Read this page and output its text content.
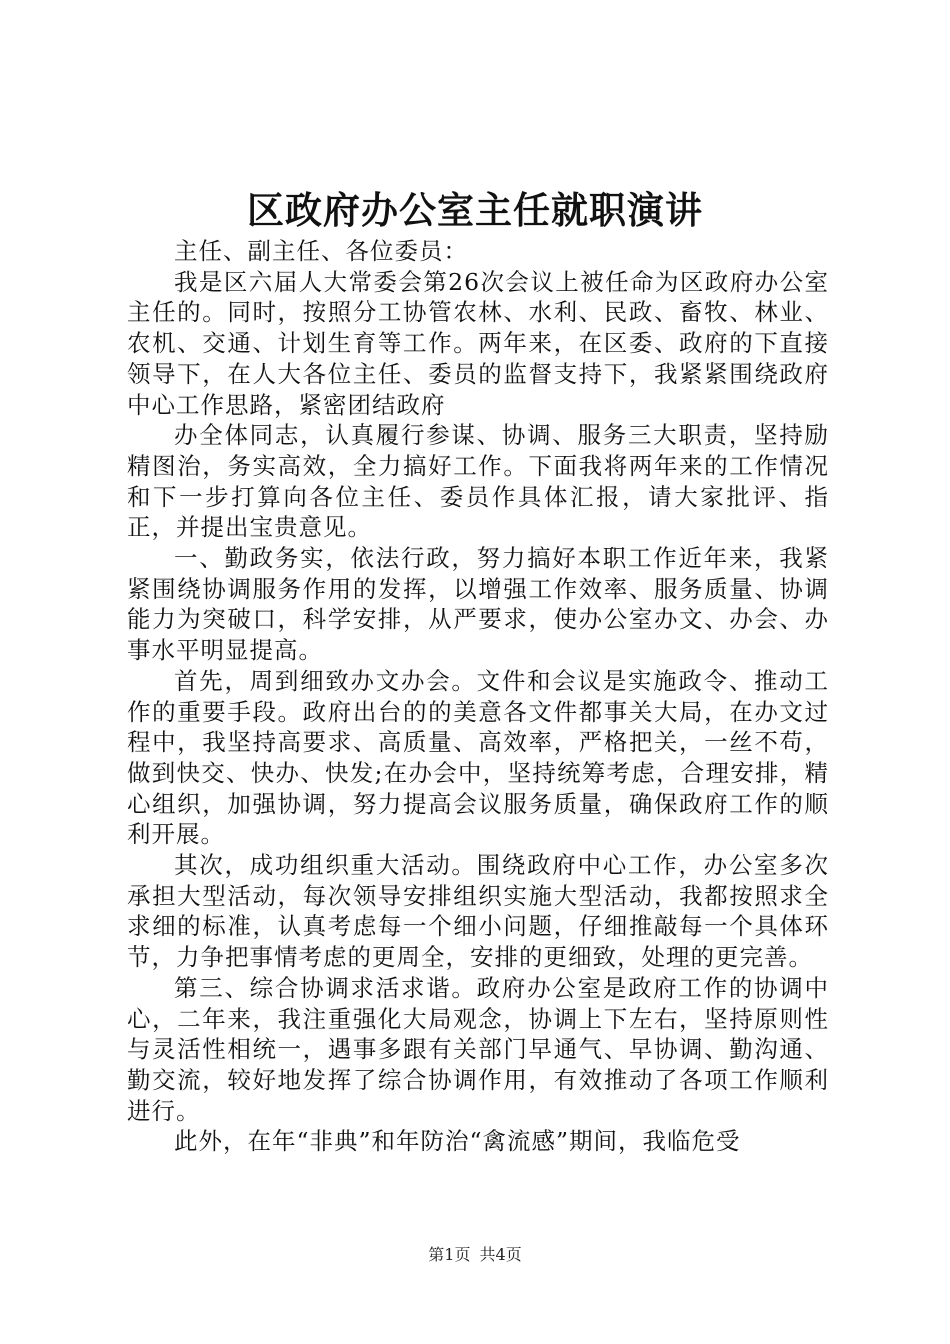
区政府办公室主任就职演讲

主任、副主任、各位委员：

我是区六届人大常委会第26次会议上被任命为区政府办公室主任的。同时，按照分工协管农林、水利、民政、畜牧、林业、农机、交通、计划生育等工作。两年来，在区委、政府的下直接领导下，在人大各位主任、委员的监督支持下，我紧紧围绕政府中心工作思路，紧密团结政府

办全体同志，认真履行参谋、协调、服务三大职责，坚持励精图治，务实高效，全力搞好工作。下面我将两年来的工作情况和下一步打算向各位主任、委员作具体汇报，请大家批评、指正，并提出宝贵意见。

一、勤政务实，依法行政，努力搞好本职工作近年来，我紧紧围绕协调服务作用的发挥，以增强工作效率、服务质量、协调能力为突破口，科学安排，从严要求，使办公室办文、办会、办事水平明显提高。

首先，周到细致办文办会。文件和会议是实施政令、推动工作的重要手段。政府出台的的美意各文件都事关大局，在办文过程中，我坚持高要求、高质量、高效率，严格把关，一丝不苟，做到快交、快办、快发;在办会中，坚持统筹考虑，合理安排，精心组织，加强协调，努力提高会议服务质量，确保政府工作的顺利开展。

其次，成功组织重大活动。围绕政府中心工作，办公室多次承担大型活动，每次领导安排组织实施大型活动，我都按照求全求细的标准，认真考虑每一个细小问题，仔细推敲每一个具体环节，力争把事情考虑的更周全，安排的更细致，处理的更完善。

第三、综合协调求活求谐。政府办公室是政府工作的协调中心，二年来，我注重强化大局观念，协调上下左右，坚持原则性与灵活性相统一，遇事多跟有关部门早通气、早协调、勤沟通、勤交流，较好地发挥了综合协调作用，有效推动了各项工作顺利进行。

此外，在年“非典”和年防治“禽流感”期间，我临危受

第1页 共4页
